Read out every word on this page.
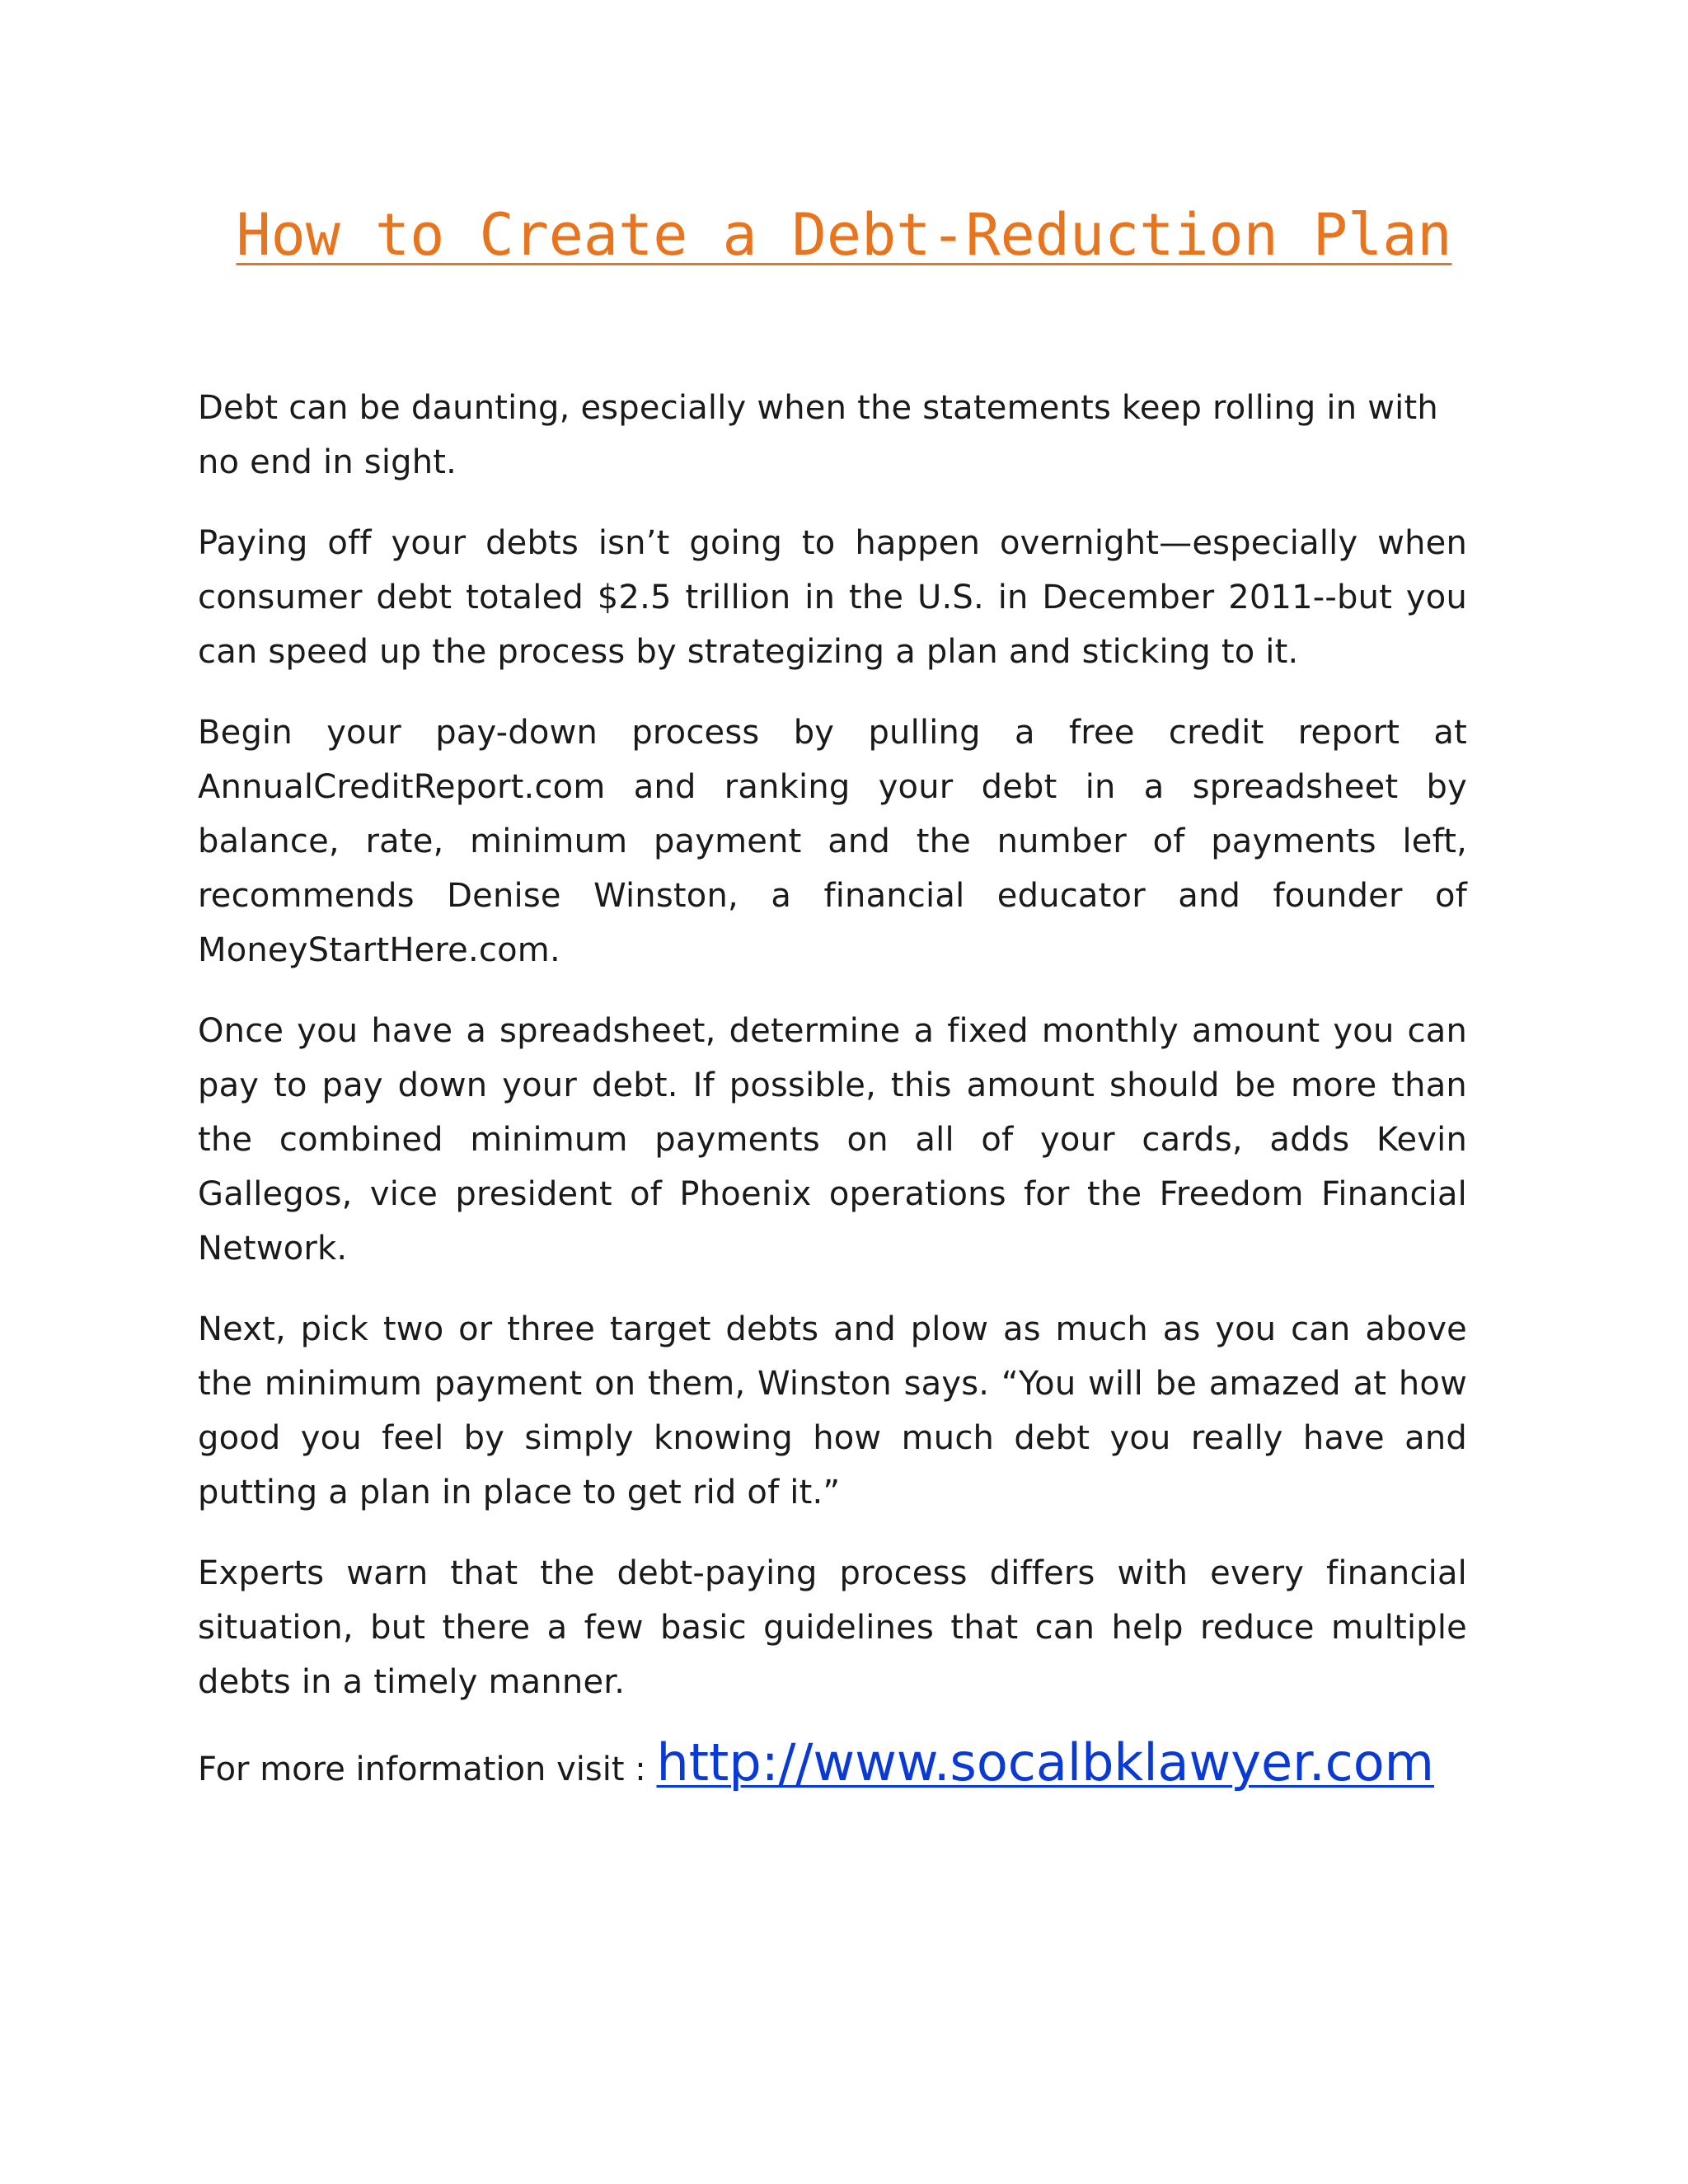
How to Create a Debt-Reduction Plan

Debt can be daunting, especially when the statements keep rolling in with no end in sight.

Paying off your debts isn’t going to happen overnight—especially when consumer debt totaled $2.5 trillion in the U.S. in December 2011--but you can speed up the process by strategizing a plan and sticking to it.

Begin your pay-down process by pulling a free credit report at AnnualCreditReport.com and ranking your debt in a spreadsheet by balance, rate, minimum payment and the number of payments left, recommends Denise Winston, a financial educator and founder of MoneyStartHere.com.

Once you have a spreadsheet, determine a fixed monthly amount you can pay to pay down your debt. If possible, this amount should be more than the combined minimum payments on all of your cards, adds Kevin Gallegos, vice president of Phoenix operations for the Freedom Financial Network.

Next, pick two or three target debts and plow as much as you can above the minimum payment on them, Winston says. “You will be amazed at how good you feel by simply knowing how much debt you really have and putting a plan in place to get rid of it.”

Experts warn that the debt-paying process differs with every financial situation, but there a few basic guidelines that can help reduce multiple debts in a timely manner.

For more information visit : http://www.socalbklawyer.com
